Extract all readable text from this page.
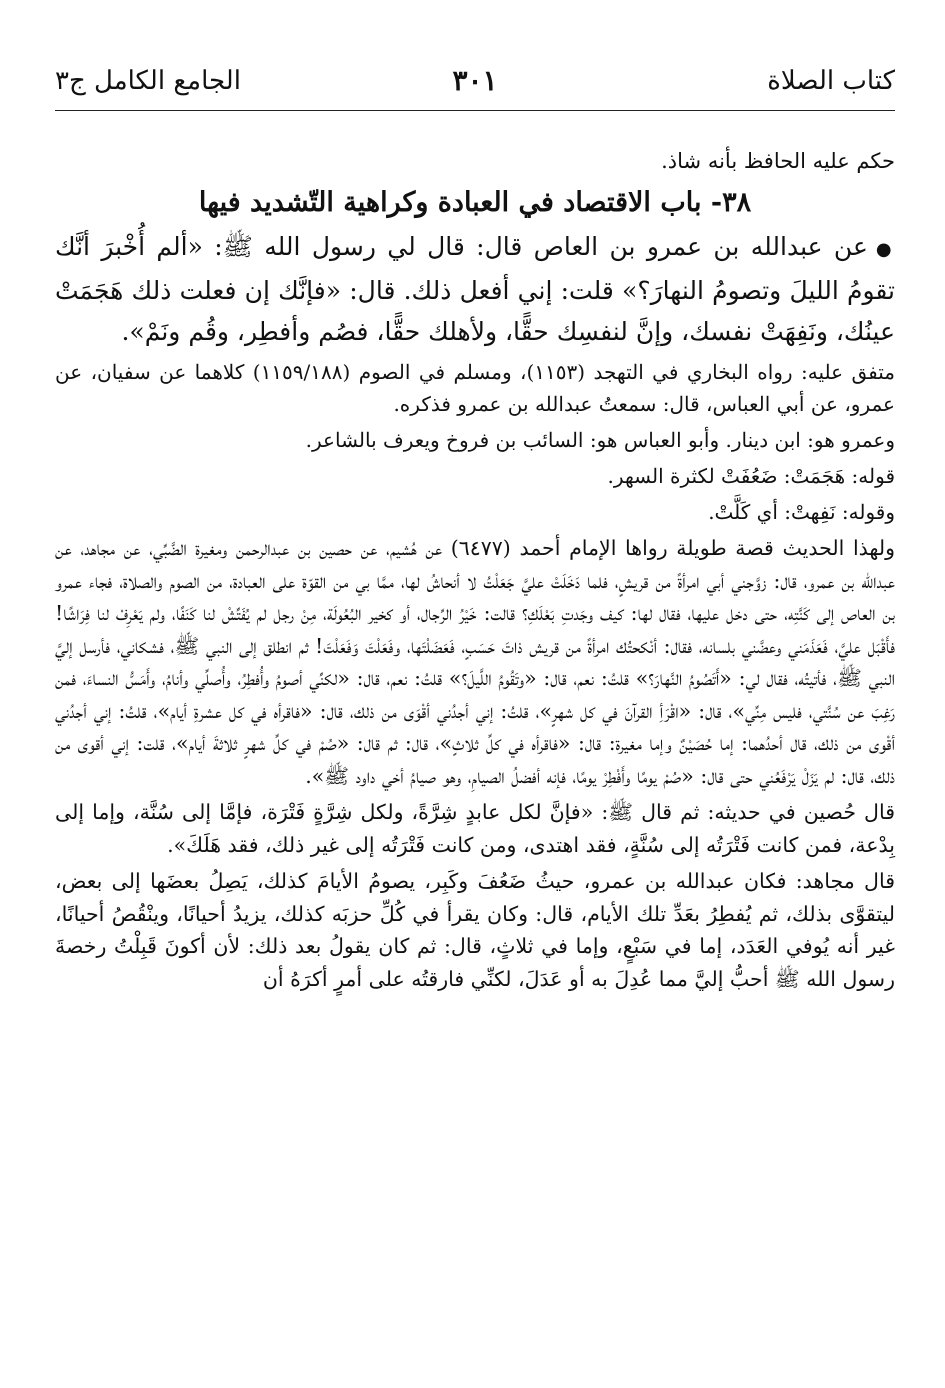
كتاب الصلاة
٣٠١
الجامع الكامل ج٣

حكم عليه الحافظ بأنه شاذ.

٣٨- باب الاقتصاد في العبادة وكراهية التّشديد فيها

●عن عبدالله بن عمرو بن العاص قال: قال لي رسول الله ﷺ: «ألم أُخْبرَ أنَّك تقومُ الليلَ وتصومُ النهارَ؟» قلت: إني أفعل ذلك. قال: «فإنَّك إن فعلت ذلك هَجَمَتْ عينُك، ونَفِهَتْ نفسك، وإنَّ لنفسِك حقًّا، ولأهلك حقًّا، فصُم وأفطِر، وقُم ونَمْ».

متفق عليه: رواه البخاري في التهجد (١١٥٣)، ومسلم في الصوم (١١٥٩/١٨٨) كلاهما عن سفيان، عن عمرو، عن أبي العباس، قال: سمعتُ عبدالله بن عمرو فذكره.

وعمرو هو: ابن دينار. وأبو العباس هو: السائب بن فروخ ويعرف بالشاعر.

قوله: هَجَمَتْ: ضَعُفَتْ لكثرة السهر.

وقوله: نَفِهتْ: أي كَلَّتْ.

ولهذا الحديث قصة طويلة رواها الإمام أحمد (٦٤٧٧) عن هُشيم، عن حصين بن عبدالرحمن ومغيرة الضَّبِّي، عن مجاهد، عن عبدالله بن عمرو، قال: زوَّجني أبي امرأةً من قريشٍ، فلما دَخَلَتْ عليَّ جَعَلْتُ لا أنحاشُ لها، ممَّا بي من القوّة على العبادة، من الصوم والصلاة، فجاء عمرو بن العاص إلى كَنَّتِه، حتى دخل عليها، فقال لها: كيف وجَدتِ بَعْلَكِ؟ قالت: خَيْرُ الرِّجال، أو كخير البُعُولَة، مِنْ رجل لم يُفَتِّشْ لنا كَنَفًا، ولم يَعْرِفْ لنا فِرَاشًا! فأَقْبَل عليَّ، فَعَذَمَني وعضَّني بلسانه، فقال: أنْكحتُك امرأةً من قريش ذاتَ حَسَبٍ، فَعَضَلْتَها، وفَعَلْتَ وَفَعَلْتَ! ثم انطلق إلى النبي ﷺ، فشكاني، فأرسل إليَّ النبي ﷺ، فأتيتُه، فقال لي: «أَتَصُومُ النَّهارَ؟» قلتُ: نعم، قال: «وتَقُومُ اللَّيلَ؟» قلتُ: نعم، قال: «لكنِّي أصومُ وأُفطِرُ، وأُصلِّي وأنامُ، وأَمَسُّ النساءَ، فمن رَغِبَ عن سُنَّتي، فليس مِنِّي»، قال: «اقْرَأِ القرآنَ في كل شهرٍ»، قلتُ: إني أجدُني أقْوَى من ذلك، قال: «فاقرأه في كل عشرةِ أيام»، قلتُ: إني أجدُني أقْوى من ذلك، قال أحدُهما: إما حُصَيْنٌ وإما مغيرة: قال: «فاقرأه في كلِّ ثلاثٍ»، قال: ثم قال: «صُمْ في كلِّ شهرٍ ثلاثةَ أيام»، قلت: إني أقوى من ذلك، قال: لم يَزَلْ يَرْفَعُني حتى قال: «صُمْ يومًا وأَفْطِرْ يومًا، فإنه أفضلُ الصيامِ، وهو صيامُ أخي داود ﷺ».

قال حُصين في حديثه: ثم قال ﷺ: «فإنَّ لكل عابدٍ شِرَّةً، ولكل شِرَّةٍ فَتْرَة، فإمَّا إلى سُنَّة، وإما إلى بِدْعة، فمن كانت فَتْرَتُه إلى سُنَّةٍ، فقد اهتدى، ومن كانت فَتْرَتُه إلى غير ذلك، فقد هَلَكَ».

قال مجاهد: فكان عبدالله بن عمرو، حيثُ ضَعُفَ وكَبِر، يصومُ الأيامَ كذلك، يَصِلُ بعضَها إلى بعض، ليتقوَّى بذلك، ثم يُفطِرُ بعَدِّ تلك الأيام، قال: وكان يقرأ في كُلِّ حزبَه كذلك، يزيدُ أحيانًا، وينْقُصُ أحيانًا، غير أنه يُوفي العَدَد، إما في سَبْعٍ، وإما في ثلاثٍ، قال: ثم كان يقولُ بعد ذلك: لأن أكونَ قَبِلْتُ رخصةَ رسول الله ﷺ أحبُّ إليَّ مما عُدِلَ به أو عَدَلَ، لكنِّي فارقتُه على أمرٍ أكرَهُ أن
